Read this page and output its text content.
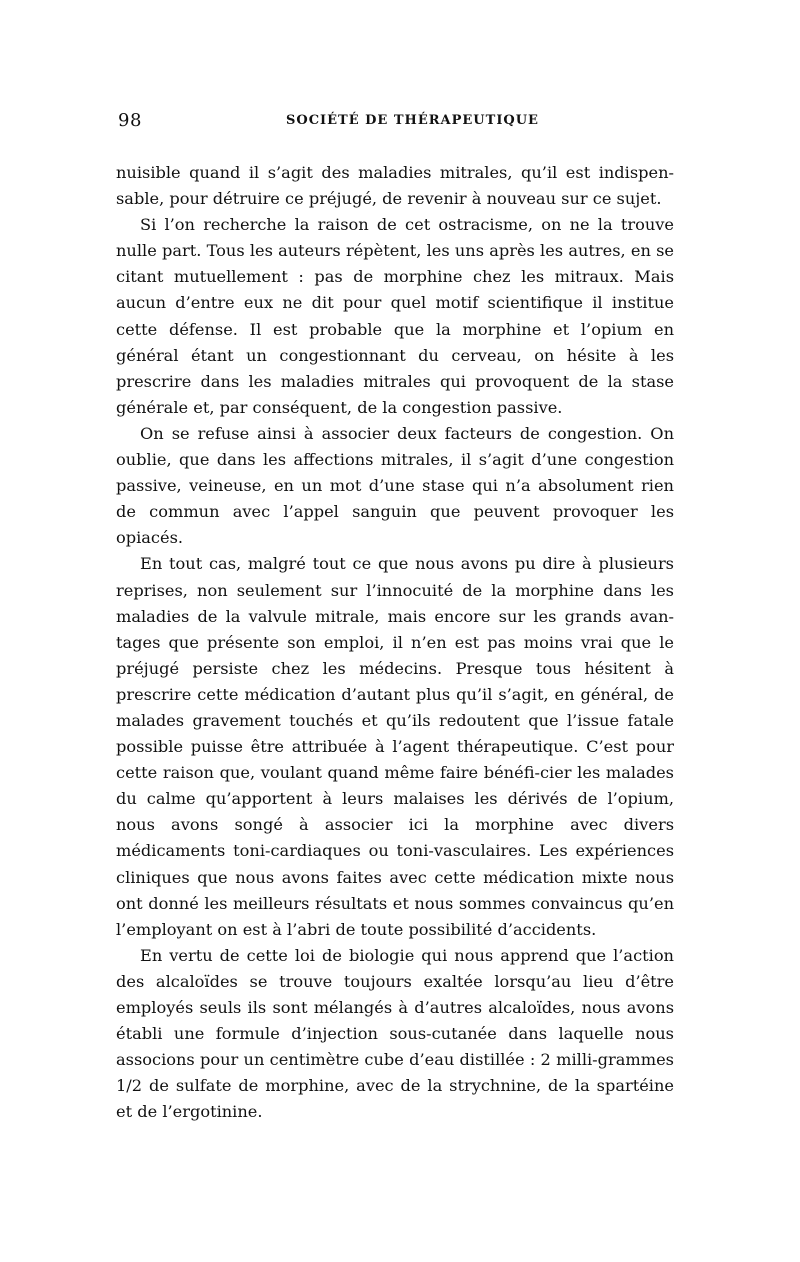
98	SOCIÉTÉ DE THÉRAPEUTIQUE

nuisible quand il s’agit des maladies mitrales, qu’il est indispen-sable, pour détruire ce préjugé, de revenir à nouveau sur ce sujet.

Si l’on recherche la raison de cet ostracisme, on ne la trouve nulle part. Tous les auteurs répètent, les uns après les autres, en se citant mutuellement : pas de morphine chez les mitraux. Mais aucun d’entre eux ne dit pour quel motif scientifique il institue cette défense. Il est probable que la morphine et l’opium en général étant un congestionnant du cerveau, on hésite à les prescrire dans les maladies mitrales qui provoquent de la stase générale et, par conséquent, de la congestion passive.

On se refuse ainsi à associer deux facteurs de congestion. On oublie, que dans les affections mitrales, il s’agit d’une congestion passive, veineuse, en un mot d’une stase qui n’a absolument rien de commun avec l’appel sanguin que peuvent provoquer les opiacés.

En tout cas, malgré tout ce que nous avons pu dire à plusieurs reprises, non seulement sur l’innocuité de la morphine dans les maladies de la valvule mitrale, mais encore sur les grands avan-tages que présente son emploi, il n’en est pas moins vrai que le préjugé persiste chez les médecins. Presque tous hésitent à prescrire cette médication d’autant plus qu’il s’agit, en général, de malades gravement touchés et qu’ils redoutent que l’issue fatale possible puisse être attribuée à l’agent thérapeutique. C’est pour cette raison que, voulant quand même faire bénéfi-cier les malades du calme qu’apportent à leurs malaises les dérivés de l’opium, nous avons songé à associer ici la morphine avec divers médicaments toni-cardiaques ou toni-vasculaires. Les expériences cliniques que nous avons faites avec cette médication mixte nous ont donné les meilleurs résultats et nous sommes convaincus qu’en l’employant on est à l’abri de toute possibilité d’accidents.

En vertu de cette loi de biologie qui nous apprend que l’action des alcaloïdes se trouve toujours exaltée lorsqu’au lieu d’être employés seuls ils sont mélangés à d’autres alcaloïdes, nous avons établi une formule d’injection sous-cutanée dans laquelle nous associons pour un centimètre cube d’eau distillée : 2 milli-grammes 1/2 de sulfate de morphine, avec de la strychnine, de la spartéine et de l’ergotinine.
